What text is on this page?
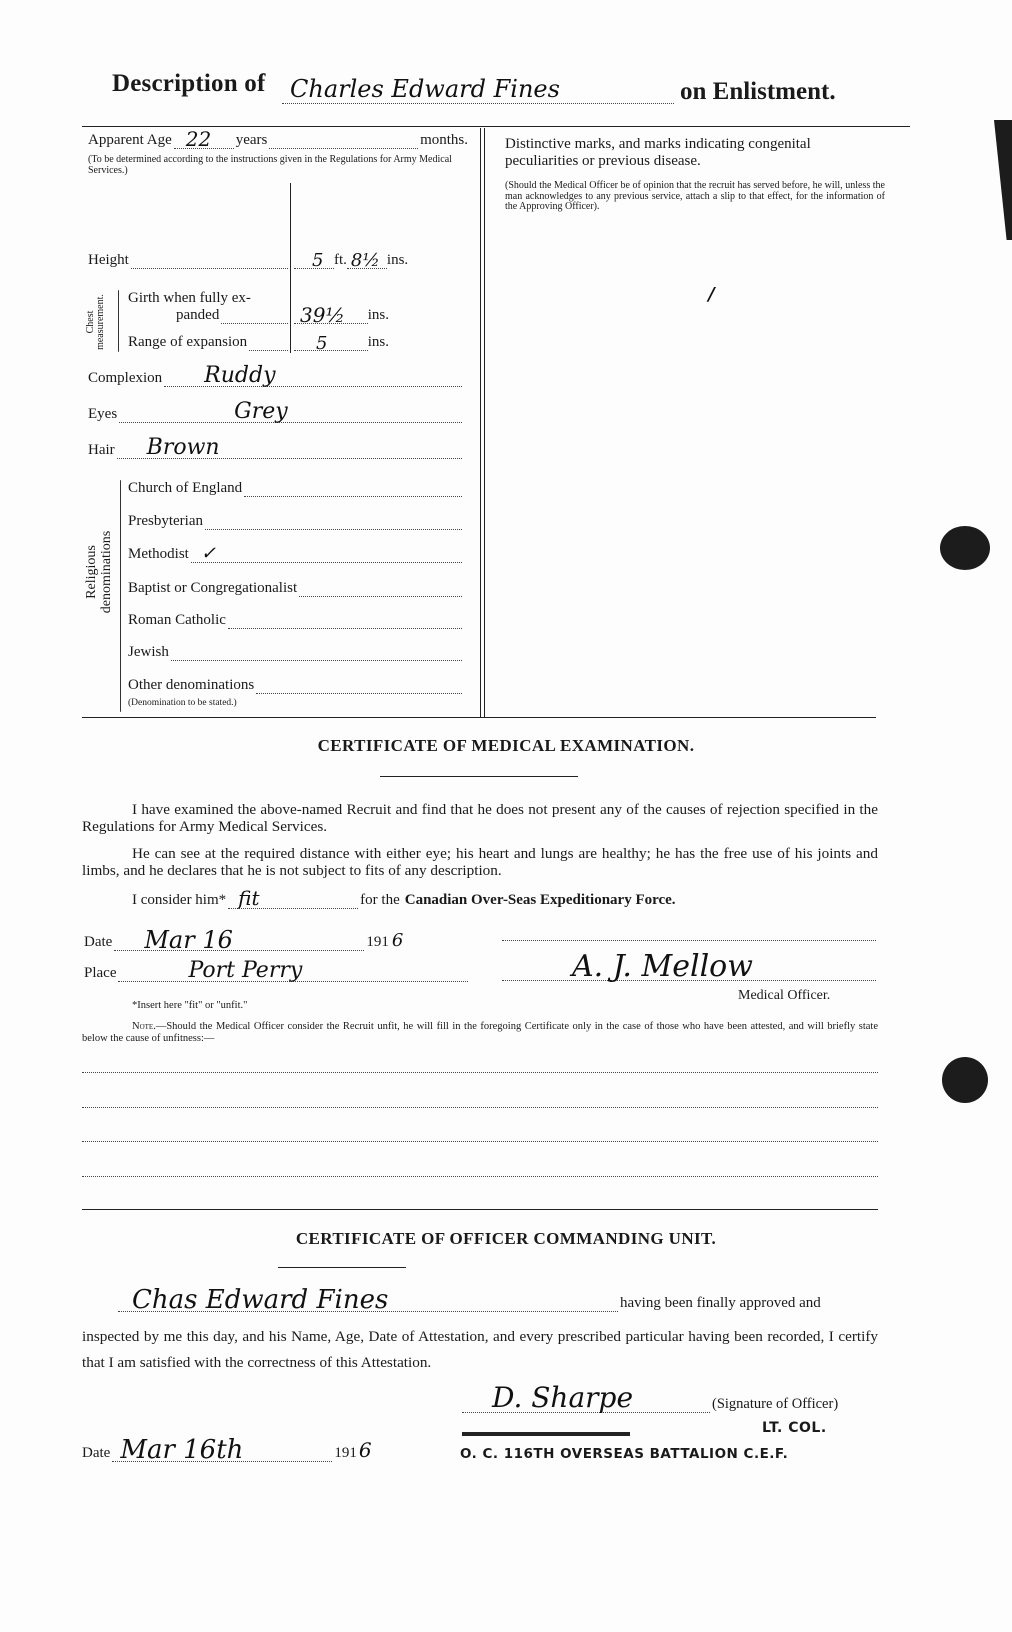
Description of Charles Edward Fines	on Enlistment.
Apparent Age 22 years	months.
(To be determined according to the instructions given in the Regulations for Army Medical Services.)
Height	5 ft. 8½ ins.
Chest measurement. Girth when fully ex-
panded	39½ ins.
Range of expansion	5	ins.
Complexion Ruddy
Eyes	Grey
Hair Brown
Religious denominations
Church of England
Presbyterian
Methodist ✓
Baptist or Congregationalist
Roman Catholic
Jewish
Other denominations
(Denomination to be stated.)
Distinctive marks, and marks indicating congenital peculiarities or previous disease.
(Should the Medical Officer be of opinion that the recruit has served before, he will, unless the man acknowledges to any previous service, attach a slip to that effect, for the information of the Approving Officer).
/
CERTIFICATE OF MEDICAL EXAMINATION.
I have examined the above-named Recruit and find that he does not present any of the causes of rejection specified in the Regulations for Army Medical Services.
He can see at the required distance with either eye; his heart and lungs are healthy; he has the free use of his joints and limbs, and he declares that he is not subject to fits of any description.
I consider him* fit	for the Canadian Over-Seas Expeditionary Force.
Date Mar 16	191 6
Place	Port Perry	A. J. Mellow
Medical Officer.
*Insert here "fit" or "unfit."
Note.—Should the Medical Officer consider the Recruit unfit, he will fill in the foregoing Certificate only in the case of those who have been attested, and will briefly state below the cause of unfitness:—
CERTIFICATE OF OFFICER COMMANDING UNIT.
Chas Edward Fines	having been finally approved and
inspected by me this day, and his Name, Age, Date of Attestation, and every prescribed particular having been recorded, I certify that I am satisfied with the correctness of this Attestation.
D. Sharpe	(Signature of Officer)
Date Mar 16th	191 6
LT. COL.
O. C. 116TH OVERSEAS BATTALION C.E.F.
